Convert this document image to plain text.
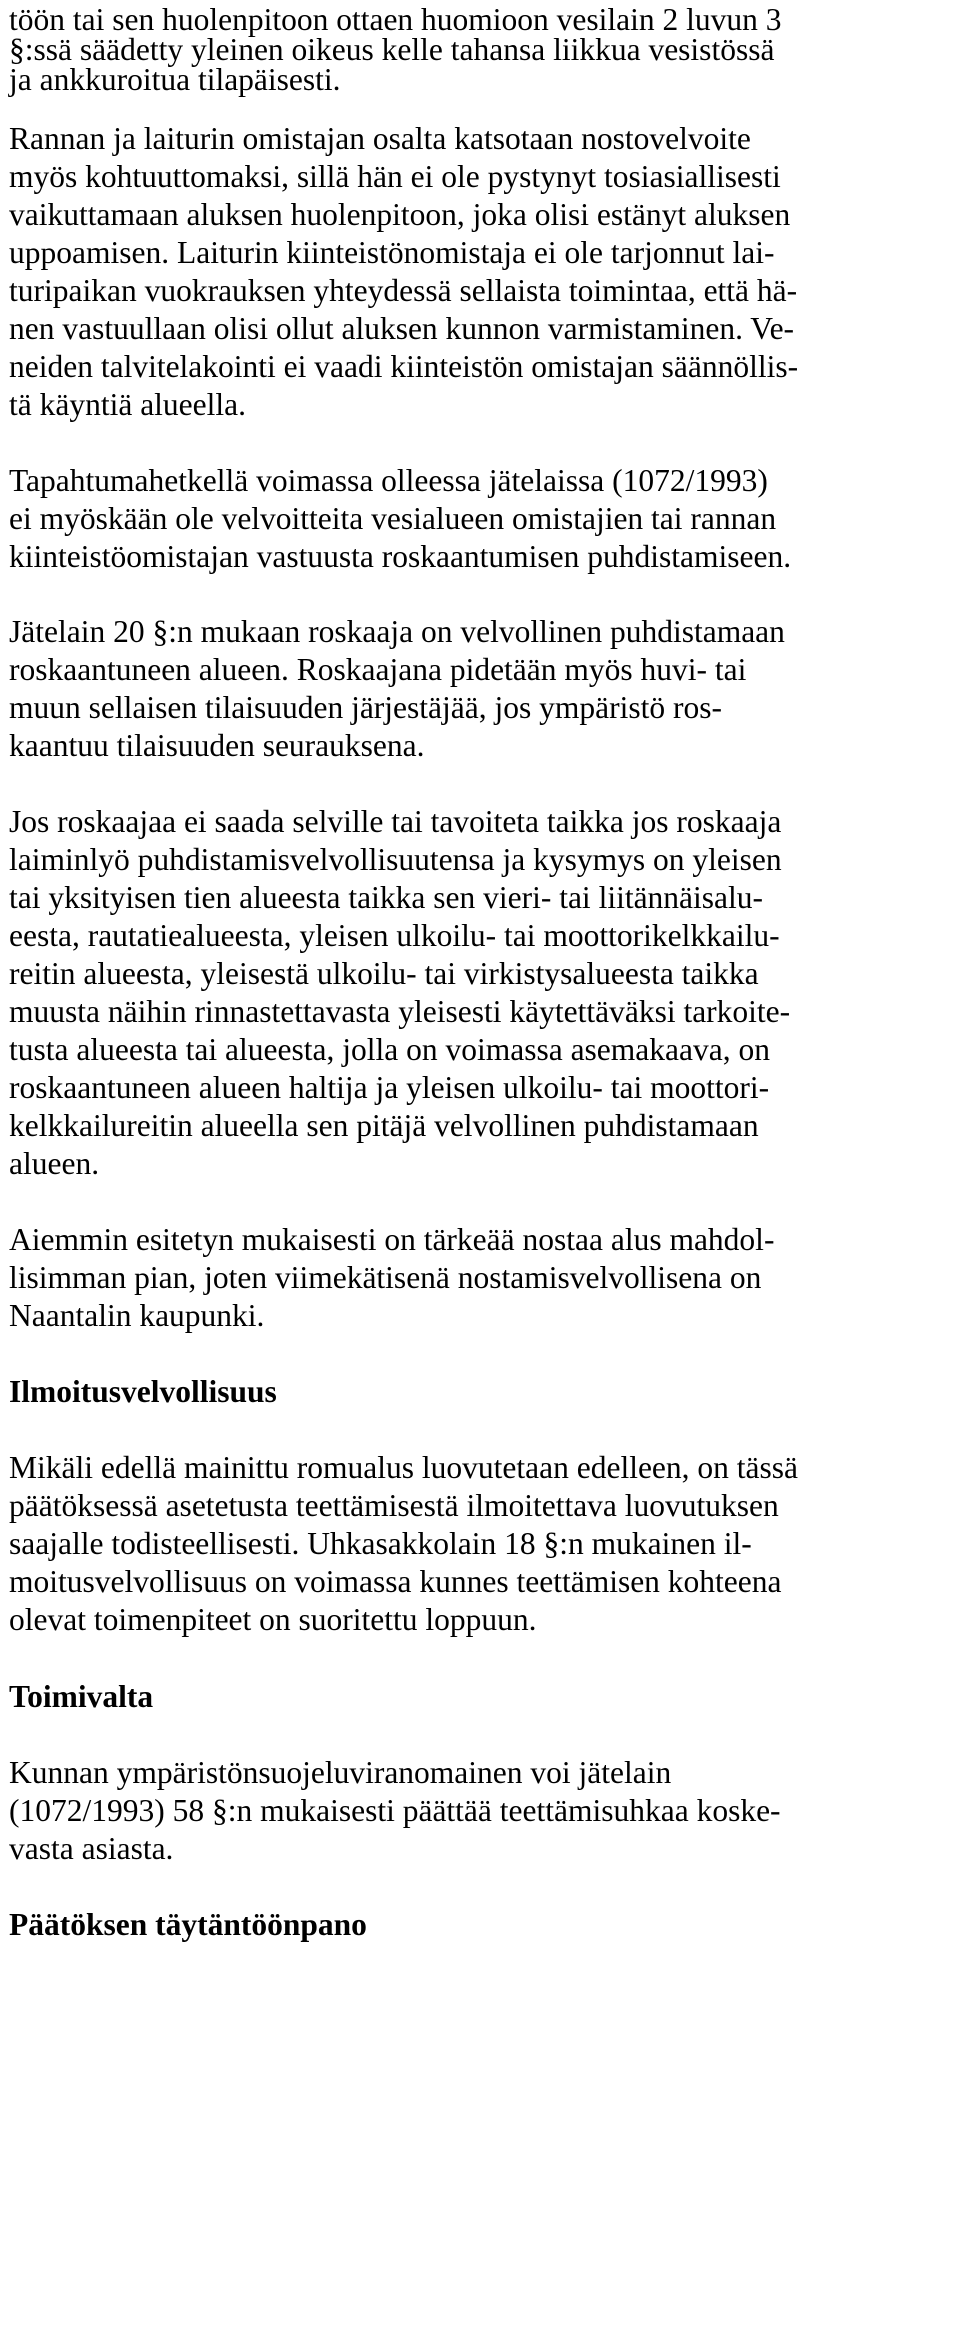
töön tai sen huolenpitoon ottaen huomioon vesilain 2 luvun 3
§:ssä säädetty yleinen oikeus kelle tahansa liikkua vesistössä
ja ankkuroitua tilapäisesti.
Rannan ja laiturin omistajan osalta katsotaan nostovelvoite
myös kohtuuttomaksi, sillä hän ei ole pystynyt tosiasiallisesti
vaikuttamaan aluksen huolenpitoon, joka olisi estänyt aluksen
uppoamisen. Laiturin kiinteistönomistaja ei ole tarjonnut lai-
turipaikan vuokrauksen yhteydessä sellaista toimintaa, että hä-
nen vastuullaan olisi ollut aluksen kunnon varmistaminen. Ve-
neiden talvitelakointi ei vaadi kiinteistön omistajan säännöllis-
tä käyntiä alueella.
Tapahtumahetkellä voimassa olleessa jätelaissa (1072/1993)
ei myöskään ole velvoitteita vesialueen omistajien tai rannan
kiinteistöomistajan vastuusta roskaantumisen puhdistamiseen.
Jätelain 20 §:n mukaan roskaaja on velvollinen puhdistamaan
roskaantuneen alueen. Roskaajana pidetään myös huvi- tai
muun sellaisen tilaisuuden järjestäjää, jos ympäristö ros-
kaantuu tilaisuuden seurauksena.
Jos roskaajaa ei saada selville tai tavoiteta taikka jos roskaaja
laiminlyö puhdistamisvelvollisuutensa ja kysymys on yleisen
tai yksityisen tien alueesta taikka sen vieri- tai liitännäisalu-
eesta, rautatiealueesta, yleisen ulkoilu- tai moottorikelkkailu-
reitin alueesta, yleisestä ulkoilu- tai virkistysalueesta taikka
muusta näihin rinnastettavasta yleisesti käytettäväksi tarkoite-
tusta alueesta tai alueesta, jolla on voimassa asemakaava, on
roskaantuneen alueen haltija ja yleisen ulkoilu- tai moottori-
kelkkailureitin alueella sen pitäjä velvollinen puhdistamaan
alueen.
Aiemmin esitetyn mukaisesti on tärkeää nostaa alus mahdol-
lisimman pian, joten viimekätisenä nostamisvelvollisena on
Naantalin kaupunki.
Ilmoitusvelvollisuus
Mikäli edellä mainittu romualus luovutetaan edelleen, on tässä
päätöksessä asetetusta teettämisestä ilmoitettava luovutuksen
saajalle todisteellisesti. Uhkasakkolain 18 §:n mukainen il-
moitusvelvollisuus on voimassa kunnes teettämisen kohteena
olevat toimenpiteet on suoritettu loppuun.
Toimivalta
Kunnan ympäristönsuojeluviranomainen voi jätelain
(1072/1993) 58 §:n mukaisesti päättää teettämisuhkaa koske-
vasta asiasta.
Päätöksen täytäntöönpano
